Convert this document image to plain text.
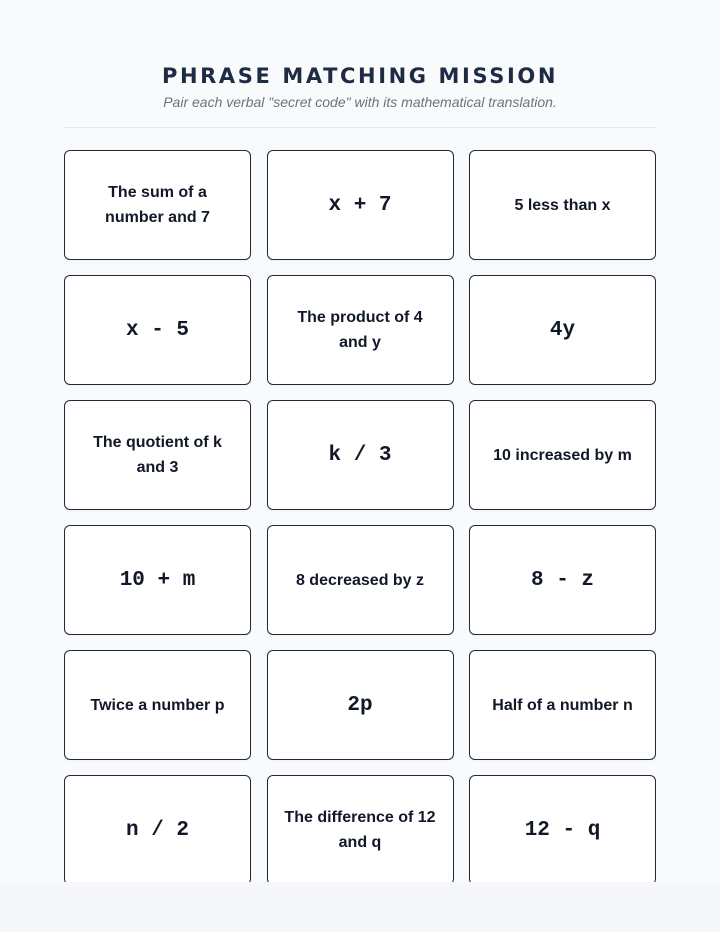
PHRASE MATCHING MISSION

Pair each verbal "secret code" with its mathematical translation.

The sum of a number and 7
x + 7	5 less than x
x - 5
The product of 4 and y
4y
The quotient of k and 3
k / 3	10 increased by m
10 + m	8 decreased by z	8 - z
Twice a number p	2p	Half of a number n
n / 2
The difference of 12 and q
12 - q
